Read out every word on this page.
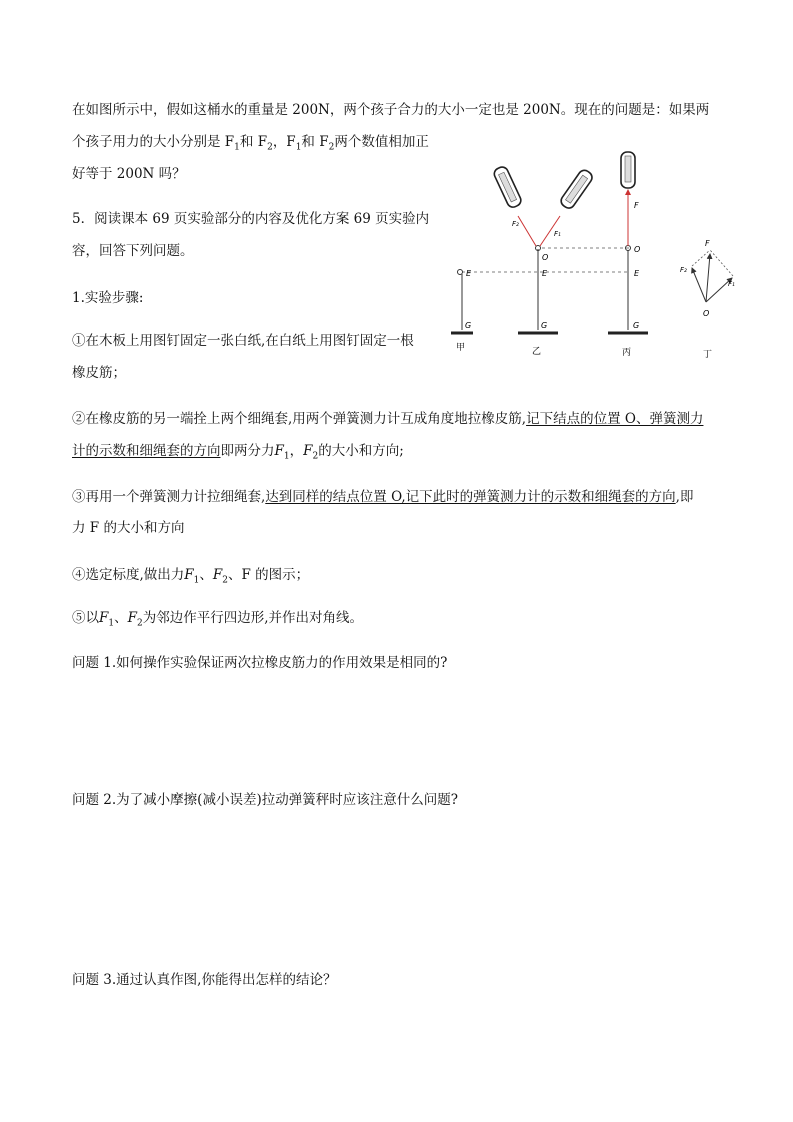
在如图所示中，假如这桶水的重量是 200N，两个孩子合力的大小一定也是 200N。现在的问题是：如果两
个孩子用力的大小分别是 $F_1$和 $F_2$，$F_1$和 $F_2$两个数值相加正
好等于 200N 吗？
5．阅读课本 69 页实验部分的内容及优化方案 69 页实验内
容，回答下列问题。
1.实验步骤:
①在木板上用图钉固定一张白纸,在白纸上用图钉固定一根
橡皮筋；
②在橡皮筋的另一端拴上两个细绳套,用两个弹簧测力计互成角度地拉橡皮筋,记下结点的位置 O、弹簧测力
计的示数和细绳套的方向即两分力$F_1$，$F_2$的大小和方向;
③再用一个弹簧测力计拉细绳套,达到同样的结点位置 O,记下此时的弹簧测力计的示数和细绳套的方向,即
力 F 的大小和方向
④选定标度,做出力$F_1$、$F_2$、F 的图示；
⑤以$F_1$、$F_2$为邻边作平行四边形,并作出对角线。
问题 1.如何操作实验保证两次拉橡皮筋力的作用效果是相同的?
问题 2.为了减小摩擦(减小误差)拉动弹簧秤时应该注意什么问题?
问题 3.通过认真作图,你能得出怎样的结论？
E
G
甲
F₂
F₁
O
E
G
乙
F
O
E
G
丙
F
F₂
F₁
O
丁
